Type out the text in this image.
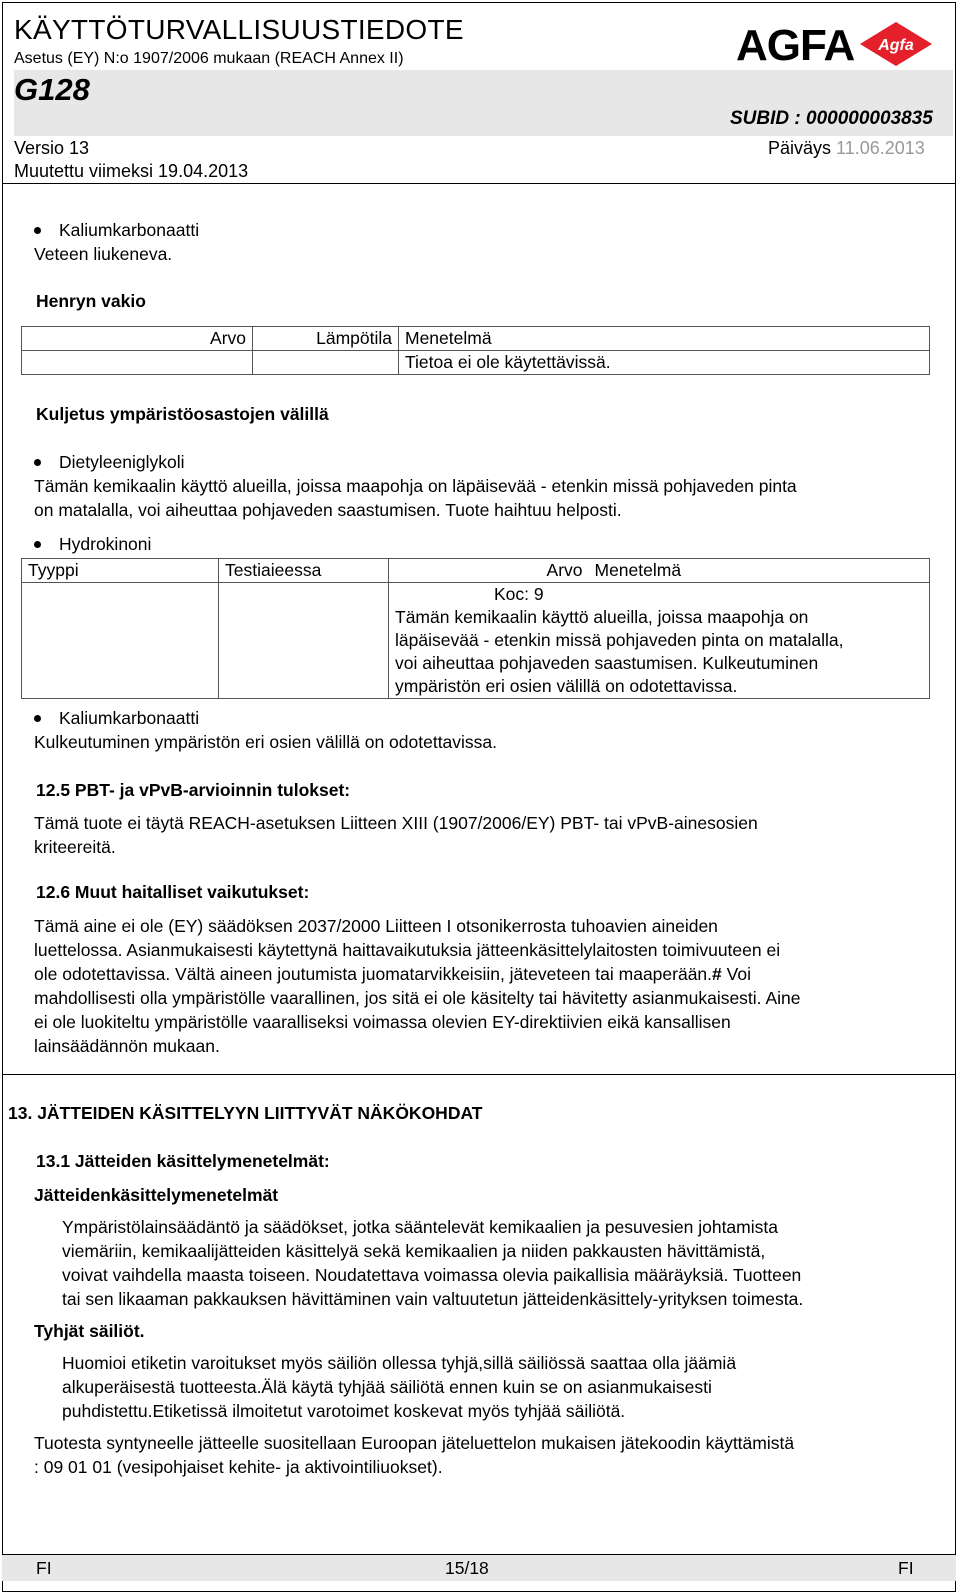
KÄYTTÖTURVALLISUUSTIEDOTE
Asetus (EY) N:o 1907/2006 mukaan (REACH Annex II)
G128
SUBID : 000000003835
Versio 13
Muutettu viimeksi 19.04.2013
Päiväys 11.06.2013
AGFA Agfa
Kaliumkarbonaatti
Veteen liukeneva.
Henryn vakio
Arvo	Lämpötila	Menetelmä
		Tietoa ei ole käytettävissä.
Kuljetus ympäristöosastojen välillä
Dietyleeniglykoli
Tämän kemikaalin käyttö alueilla, joissa maapohja on läpäisevää - etenkin missä pohjaveden pinta
on matalalla, voi aiheuttaa pohjaveden saastumisen. Tuote haihtuu helposti.
Hydrokinoni
Tyyppi	Testiaieessa	Arvo	Menetelmä

		Koc: 9
Tämän kemikaalin käyttö alueilla, joissa maapohja on
läpäisevää - etenkin missä pohjaveden pinta on matalalla,
voi aiheuttaa pohjaveden saastumisen. Kulkeutuminen
ympäristön eri osien välillä on odotettavissa.	
Kaliumkarbonaatti
Kulkeutuminen ympäristön eri osien välillä on odotettavissa.
12.5 PBT- ja vPvB-arvioinnin tulokset:
Tämä tuote ei täytä REACH-asetuksen Liitteen XIII (1907/2006/EY) PBT- tai vPvB-ainesosien
kriteereitä.
12.6 Muut haitalliset vaikutukset:
Tämä aine ei ole (EY) säädöksen 2037/2000 Liitteen I otsonikerrosta tuhoavien aineiden
luettelossa. Asianmukaisesti käytettynä haittavaikutuksia jätteenkäsittelylaitosten toimivuuteen ei
ole odotettavissa. Vältä aineen joutumista juomatarvikkeisiin, jäteveteen tai maaperään.# Voi
mahdollisesti olla ympäristölle vaarallinen, jos sitä ei ole käsitelty tai hävitetty asianmukaisesti. Aine
ei ole luokiteltu ympäristölle vaaralliseksi voimassa olevien EY-direktiivien eikä kansallisen
lainsäädännön mukaan.
13. JÄTTEIDEN KÄSITTELYYN LIITTYVÄT NÄKÖKOHDAT
13.1 Jätteiden käsittelymenetelmät:
Jätteidenkäsittelymenetelmät
Ympäristölainsäädäntö ja säädökset, jotka sääntelevät kemikaalien ja pesuvesien johtamista
viemäriin, kemikaalijätteiden käsittelyä sekä kemikaalien ja niiden pakkausten hävittämistä,
voivat vaihdella maasta toiseen. Noudatettava voimassa olevia paikallisia määräyksiä. Tuotteen
tai sen likaaman pakkauksen hävittäminen vain valtuutetun jätteidenkäsittely-yrityksen toimesta.
Tyhjät säiliöt.
Huomioi etiketin varoitukset myös säiliön ollessa tyhjä,sillä säiliössä saattaa olla jäämiä
alkuperäisestä tuotteesta.Älä käytä tyhjää säiliötä ennen kuin se on asianmukaisesti
puhdistettu.Etiketissä ilmoitetut varotoimet koskevat myös tyhjää säiliötä.
Tuotesta syntyneelle jätteelle suositellaan Euroopan jäteluettelon mukaisen jätekoodin käyttämistä
: 09 01 01 (vesipohjaiset kehite- ja aktivointiliuokset).
FI	15/18	FI
